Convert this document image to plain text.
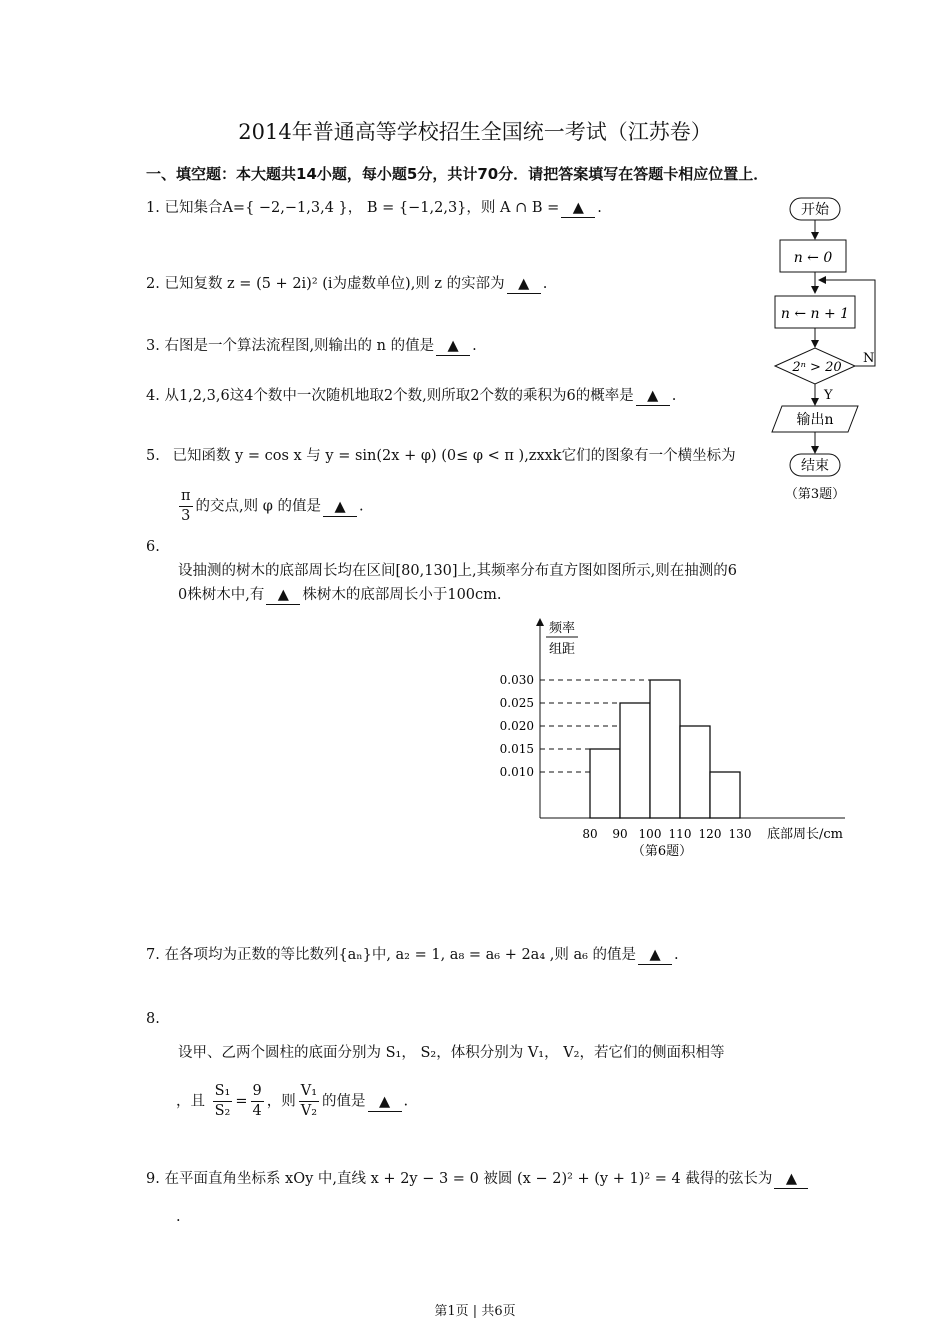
2014年普通高等学校招生全国统一考试（江苏卷）
一、填空题：本大题共14小题，每小题5分，共计70分．请把答案填写在答题卡相应位置上．
1. 已知集合A={ −2,−1,3,4 }， B = {−1,2,3}，则 A ∩ B = ▲ .
2. 已知复数 z = (5 + 2i)² (i为虚数单位),则 z 的实部为 ▲ .
3. 右图是一个算法流程图,则输出的 n 的值是 ▲ .
4. 从1,2,3,6这4个数中一次随机地取2个数,则所取2个数的乘积为6的概率是 ▲ .
5. 已知函数 y = cos x 与 y = sin(2x + φ) (0≤ φ < π ),zxxk它们的图象有一个横坐标为
$\frac{\pi}{3}$ 的交点,则 φ 的值是 ▲ .
6.
设抽测的树木的底部周长均在区间[80,130]上,其频率分布直方图如图所示,则在抽测的6
0株树木中,有 ▲ 株树木的底部周长小于100cm.
开始
n ← 0
n ← n + 1
2ⁿ > 20
N
Y
输出n
结束
（第3题）
频率
组距
0.030
0.025
0.020
0.015
0.010
80 90 100 110 120 130 底部周长/cm
（第6题）
7. 在各项均为正数的等比数列{aₙ}中, a₂ = 1, a₈ = a₆ + 2a₄ ,则 a₆ 的值是 ▲ .
8.
设甲、乙两个圆柱的底面分别为 S₁， S₂，体积分别为 V₁， V₂，若它们的侧面积相等
，且 $\frac{\text{S₁}}{\text{S₂}} = \frac{9}{4}$ ，则 $\frac{\text{V₁}}{\text{V₂}}$ 的值是 ▲ .
9. 在平面直角坐标系 xOy 中,直线 x + 2y − 3 = 0 被圆 (x − 2)² + (y + 1)² = 4 截得的弦长为 ▲
.
第1页 | 共6页
